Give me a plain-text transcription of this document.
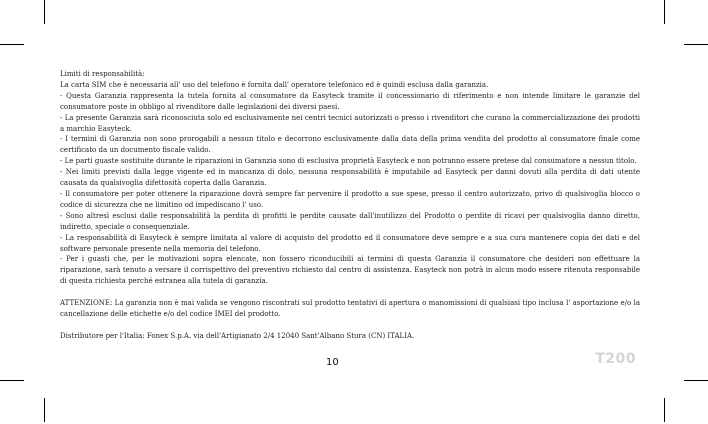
Limiti di responsabilità:

La carta SIM che è necessaria all' uso del telefono è fornita dall' operatore telefonico ed è quindi esclusa dalla garanzia.

- Questa Garanzia rappresenta la tutela fornita al consumatore da Easyteck tramite il concessionario di riferimento e non intende limitare le garanzie del consumatore poste in obbligo al rivenditore dalle legislazioni dei diversi paesi.

- La presente Garanzia sarà riconosciuta solo ed esclusivamente nei centri tecnici autorizzati o presso i rivenditori che curano la commercializzazione dei prodotti a marchio Easyteck.

- I termini di Garanzia non sono prorogabili a nessun titolo e decorrono esclusivamente dalla data della prima vendita del prodotto al consumatore finale come certificato da un documento fiscale valido.

- Le parti guaste sostituite durante le riparazioni in Garanzia sono di esclusiva proprietà Easyteck e non potranno essere pretese dal consumatore a nessun titolo.

- Nei limiti previsti dalla legge vigente ed in mancanza di dolo, nessuna responsabilità è imputabile ad Easyteck per danni dovuti alla perdita di dati utente causata da qualsivoglia difettosità coperta dalla Garanzia.

- Il consumatore per poter ottenere la riparazione dovrà sempre far pervenire il prodotto a sue spese, presso il centro autorizzato, privo di qualsivoglia blocco o codice di sicurezza che ne limitino od impediscano l' uso.

- Sono altresì esclusi dalle responsabilità la perdita di profitti le perdite causate dall'inutilizzo del Prodotto o perdite di ricavi per qualsivoglia danno diretto, indiretto, speciale o consequenziale.

- La responsabilità di Easyteck è sempre limitata al valore di acquisto del prodotto ed il consumatore deve sempre e a sua cura mantenere copia dei dati e del software personale presente nella memoria del telefono.

- Per i guasti che, per le motivazioni sopra elencate, non fossero riconducibili ai termini di questa Garanzia il consumatore che desideri non effettuare la riparazione, sarà tenuto a versare il corrispettivo del preventivo richiesto dal centro di assistenza. Easyteck non potrà in alcun modo essere ritenuta responsabile di questa richiesta perché estranea alla tutela di garanzia.

ATTENZIONE: La garanzia non è mai valida se vengono riscontrati sul prodotto tentativi di apertura o manomissioni di qualsiasi tipo inclusa l' asportazione e/o la cancellazione delle etichette e/o del codice IMEI del prodotto.

Distributore per l'Italia: Fonex S.p.A. via dell'Artigianato 2/4 12040 Sant'Albano Stura (CN) ITALIA.

10	T200
